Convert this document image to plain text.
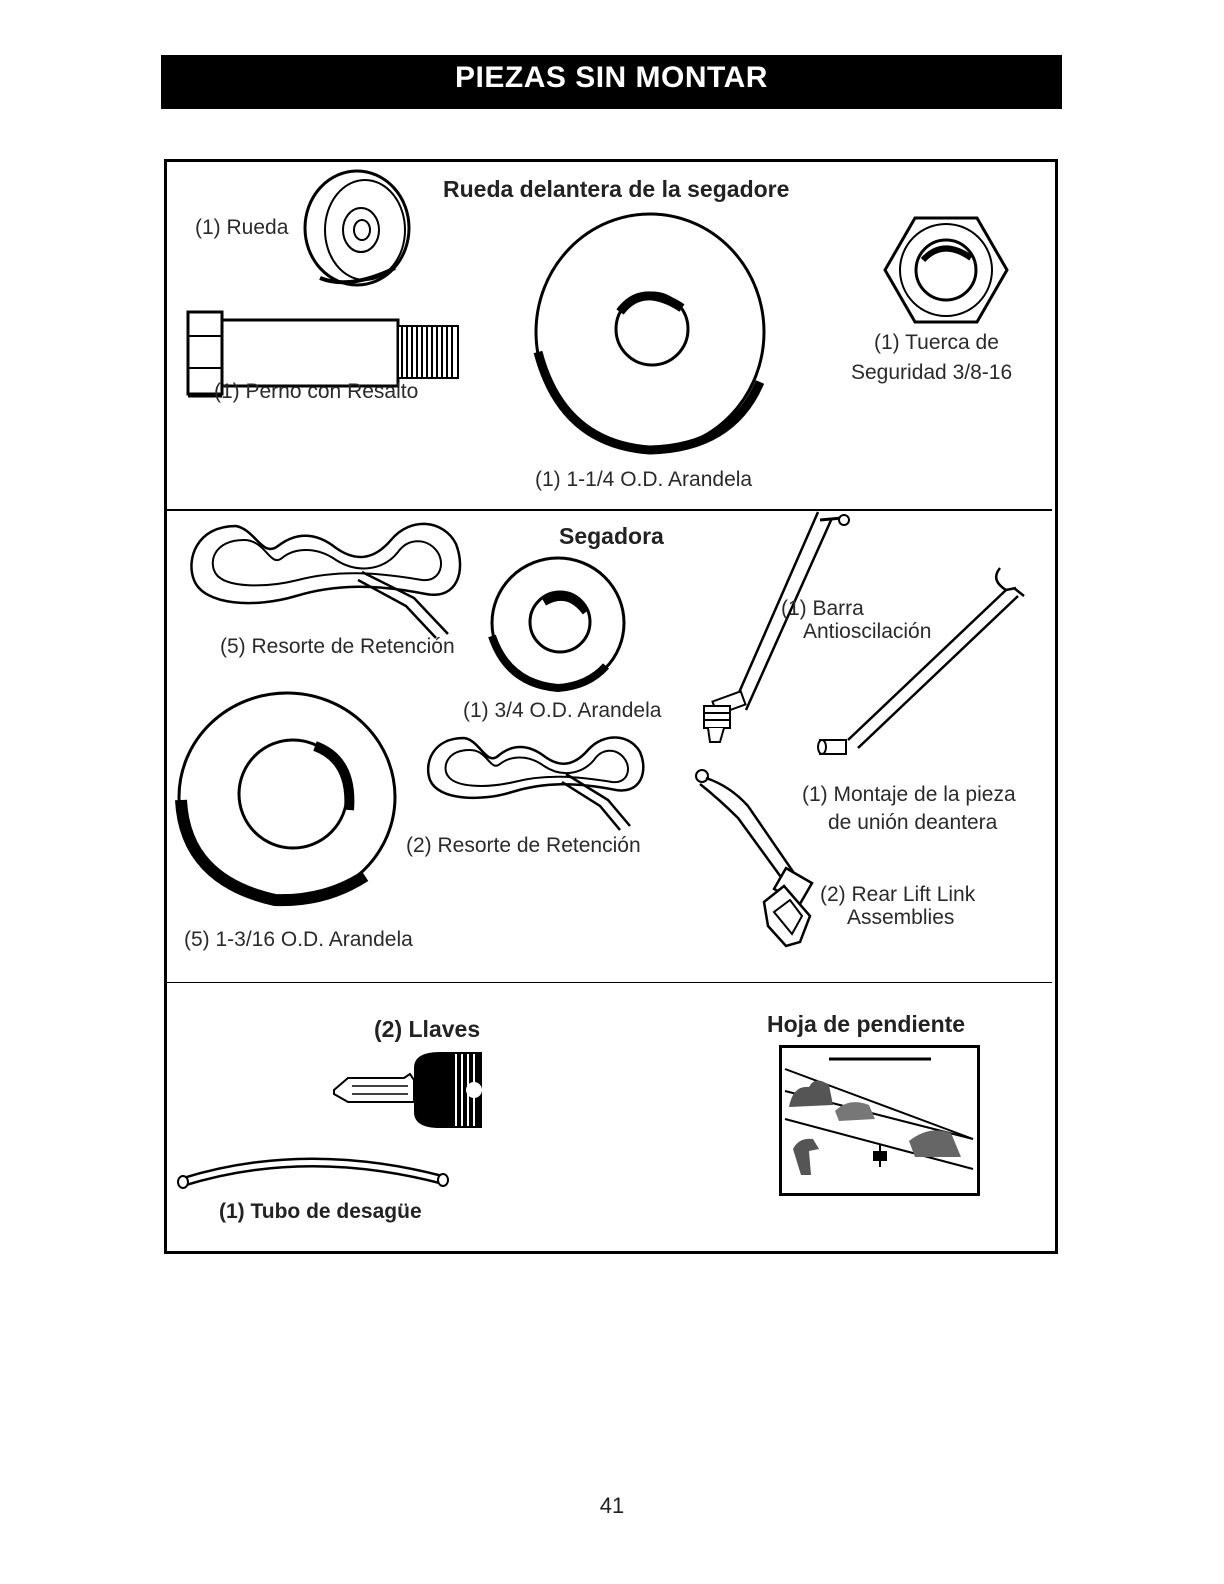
PIEZAS SIN MONTAR
Rueda delantera de la segadore
(1) Rueda
(1) Perno con Resalto
(1) 1-1/4 O.D. Arandela
(1) Tuerca de
Seguridad 3/8-16
Segadora
(5) Resorte de Retención
(1) 3/4 O.D. Arandela
(5) 1-3/16 O.D. Arandela
(2) Resorte de Retención
(1) Barra
Antioscilación
(1) Montaje de la pieza
de unión deantera
(2) Rear Lift Link
Assemblies
(2) Llaves
(1) Tubo de desagüe
Hoja de pendiente
41
